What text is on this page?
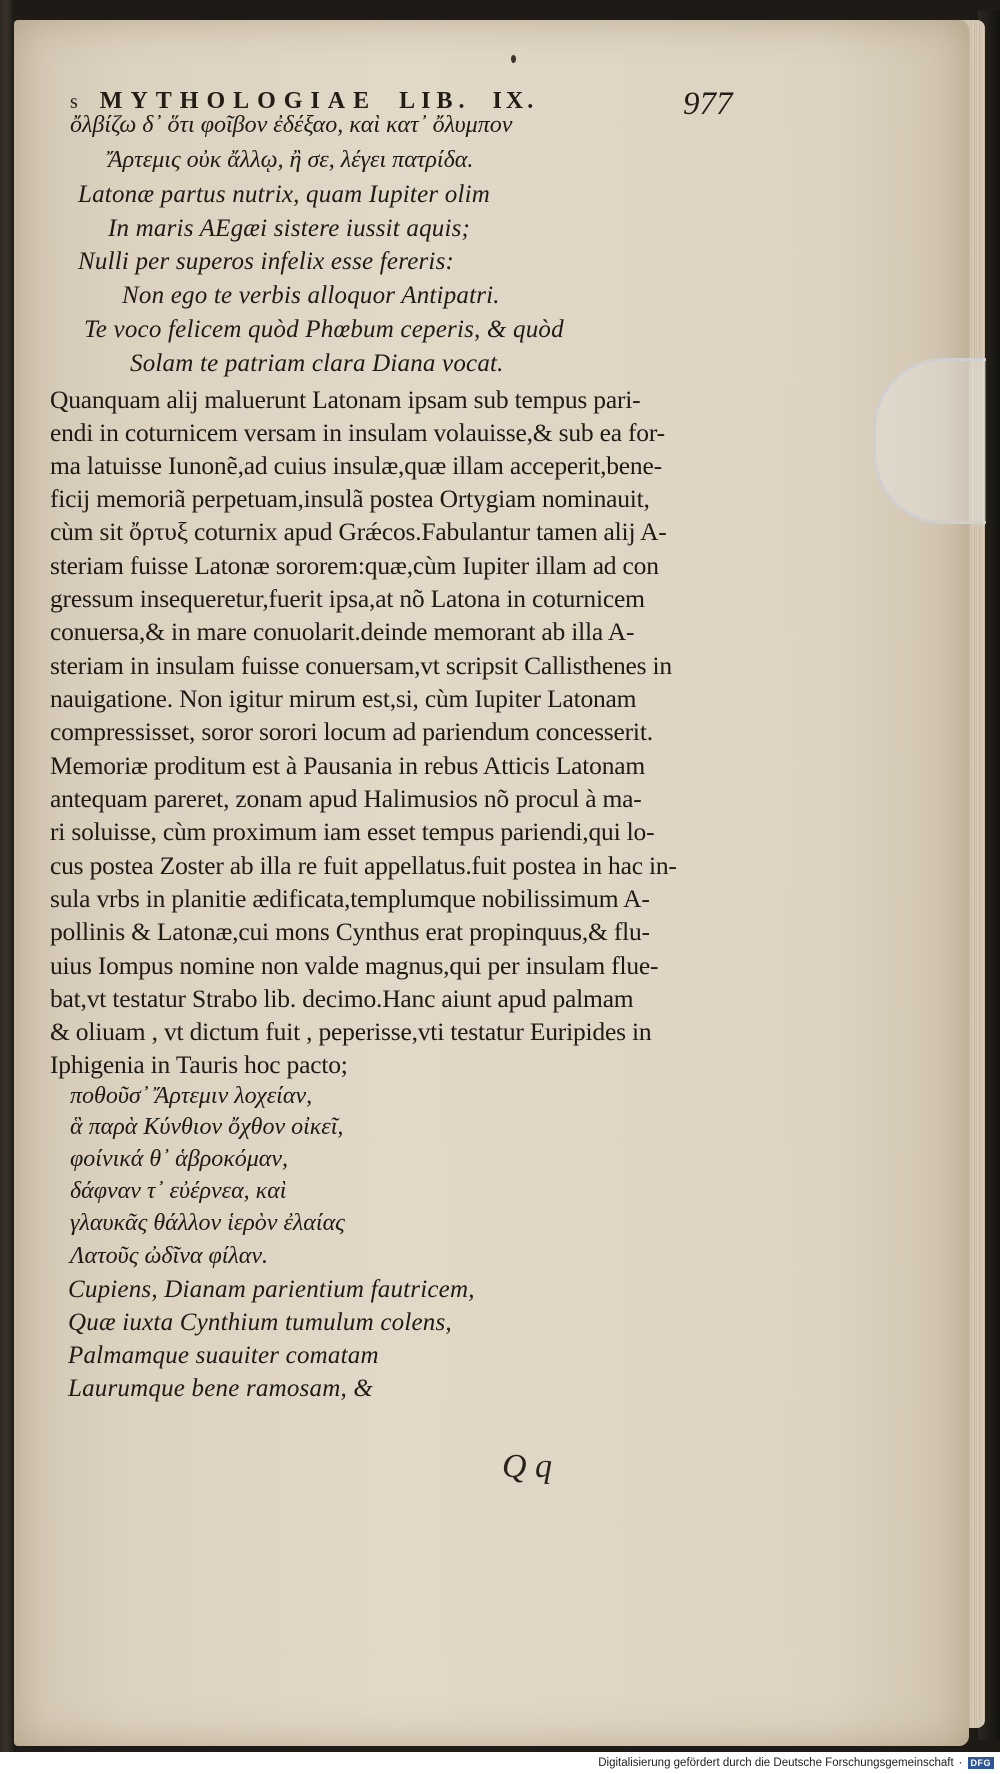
s MYTHOLOGIAE LIB. IX.	977
ὄλβίζω δ᾽ ὅτι φοῖβον ἐδέξαο, καὶ κατ᾽ ὄλυμπον
Ἄρτεμις οὐκ ἄλλῳ, ἢ σε, λέγει πατρίδα.
Latonæ partus nutrix, quam Iupiter olim
In maris AEgæi sistere iussit aquis;
Nulli per superos infelix esse fereris:
Non ego te verbis alloquor Antipatri.
Te voco felicem quòd Phœbum ceperis, & quòd
Solam te patriam clara Diana vocat.
Quanquam alij maluerunt Latonam ipsam sub tempus pari-
endi in coturnicem versam in insulam volauisse,& sub ea for-
ma latuisse Iunonẽ,ad cuius insulæ,quæ illam acceperit,bene-
ficij memoriã perpetuam,insulã postea Ortygiam nominauit,
cùm sit ὄρτυξ coturnix apud Grǽcos.Fabulantur tamen alij A-
steriam fuisse Latonæ sororem:quæ,cùm Iupiter illam ad con
gressum insequeretur,fuerit ipsa,at nõ Latona in coturnicem
conuersa,& in mare conuolarit.deinde memorant ab illa A-
steriam in insulam fuisse conuersam,vt scripsit Callisthenes in
nauigatione. Non igitur mirum est,si, cùm Iupiter Latonam
compressisset, soror sorori locum ad pariendum concesserit.
Memoriæ proditum est à Pausania in rebus Atticis Latonam
antequam pareret, zonam apud Halimusios nõ procul à ma-
ri soluisse, cùm proximum iam esset tempus pariendi,qui lo-
cus postea Zoster ab illa re fuit appellatus.fuit postea in hac in-
sula vrbs in planitie ædificata,templumque nobilissimum A-
pollinis & Latonæ,cui mons Cynthus erat propinquus,& flu-
uius Iompus nomine non valde magnus,qui per insulam flue-
bat,vt testatur Strabo lib. decimo.Hanc aiunt apud palmam
& oliuam , vt dictum fuit , peperisse,vti testatur Euripides in
Iphigenia in Tauris hoc pacto;
ποθοῦσ᾽ Ἄρτεμιν λοχείαν,
ἃ παρὰ Κύνθιον ὄχθον οἰκεῖ,
φοίνικά θ᾽ ἁβροκόμαν,
δάφναν τ᾽ εὐέρνεα, καὶ
γλαυκᾶς θάλλον ἱερὸν ἐλαίας
Λατοῦς ὠδῖνα φίλαν.
Cupiens, Dianam parientium fautricem,
Quæ iuxta Cynthium tumulum colens,
Palmamque suauiter comatam
Laurumque bene ramosam, &
Q q
Digitalisierung gefördert durch die Deutsche Forschungsgemeinschaft · DFG
